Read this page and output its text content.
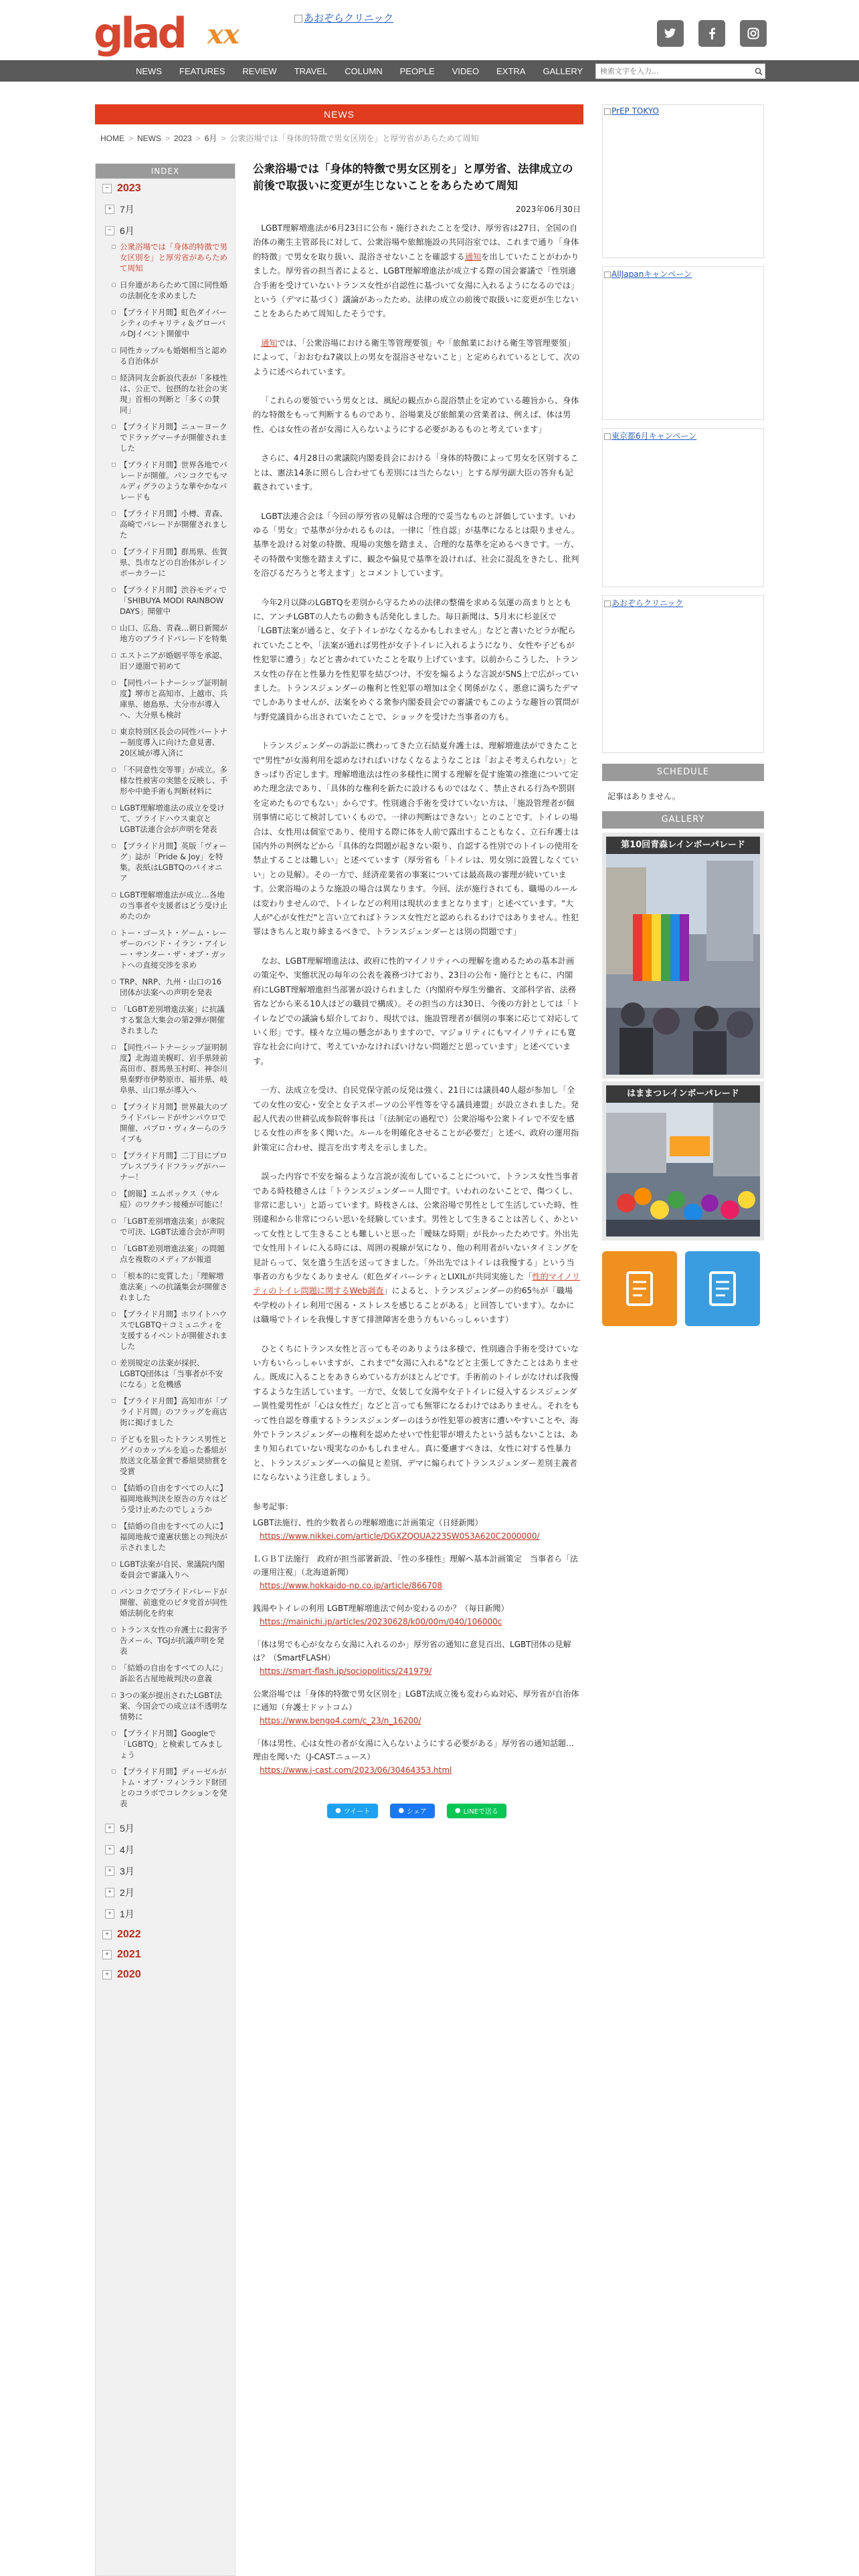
glad xx
あおぞらクリニック
NEWS	FEATURES	REVIEW	TRAVEL	COLUMN	PEOPLE	VIDEO	EXTRA	GALLERY
検索文字を入力...
NEWS
HOME > NEWS > 2023 > 6月 > 公衆浴場では「身体的特徴で男女区別を」と厚労省があらためて周知
INDEX
− 2023
+ 7月
− 6月
公衆浴場では「身体的特徴で男女区別を」と厚労省があらためて周知
日弁連があらためて国に同性婚の法制化を求めました
【プライド月間】虹色ダイバーシティのチャリティ＆グローバルDJイベント開催中
同性カップルも婚姻相当と認める自治体が
経済同友会新浪代表が「多様性は、公正で、包摂的な社会の実現」首相の判断と「多くの賛同」
【プライド月間】ニューヨークでドラァグマーチが開催されました
【プライド月間】世界各地でパレードが開催。パンコクでもマルディグラのような華やかなパレードも
【プライド月間】小樽、青森、高崎でパレードが開催されました
【プライド月間】群馬県、佐賀県、呉市などの自治体がレインボーカラーに
【プライド月間】渋谷モディで「SHIBUYA MODI RAINBOW DAYS」開催中
山口、広島、青森…朝日新聞が地方のプライドパレードを特集
エストニアが婚姻平等を承認、旧ソ連圏で初めて
【同性パートナーシップ証明制度】堺市と高知市、上越市、兵庫県、徳島県、大分市が導入へ、大分県も検討
東京特別区長会の同性パートナー制度導入に向けた意見書、20区域が導入済に
「不同意性交等罪」が成立。多様な性被害の実態を反映し、手形や中絶手術も判断材料に
LGBT理解増進法の成立を受けて、プライドハウス東京とLGBT法連合会が声明を発表
【プライド月間】英版「ヴォーグ」誌が「Pride & Joy」を特集。表紙はLGBTQのパイオニア
LGBT理解増進法が成立…各地の当事者や支援者はどう受け止めたのか
トー・ゴースト・ゲーム・レーザーのバンド・イラン・アイレー・サンター・ザ・オブ・ガットへの直接交渉を求め
TRP、NRP、九州・山口の16団体が法案への声明を発表
「LGBT差別増進法案」に抗議する緊急大集会の第2弾が開催されました
【同性パートナーシップ証明制度】北海道美幌町、岩手県陸前高田市、群馬県玉村町、神奈川県秦野市伊勢原市、福井県、岐阜県、山口県が導入へ
【プライド月間】世界最大のプライドパレードがサンパウロで開催、パブロ・ヴィターらのライブも
【プライド月間】二丁目にプロプレスプライドフラッグがハーナー！
【朗報】エムポックス（サル痘）のワクチン接種が可能に！
「LGBT差別増進法案」が衆院で可決、LGBT法連合会が声明
「LGBT差別増進法案」の問題点を複数のメディアが報道
「根本的に変質した」「理解増進法案」への抗議集会が開催されました
【プライド月間】ホワイトハウスでLGBTQ＋コミュニティを支援するイベントが開催されました
差別規定の法案が採択、LGBTQ団体は「当事者が不安になる」と危機感
【プライド月間】高知市が「プライド月間」のフラッグを商店街に掲げました
子どもを狙ったトランス男性とゲイのカップルを追った番組が放送文化基金賞で番組奨励賞を受賞
【結婚の自由をすべての人に】福岡地裁判決を原告の方々はどう受け止めたのでしょうか
【結婚の自由をすべての人に】福岡地裁で違憲状態との判決が示されました
LGBT法案が自民、衆議院内閣委員会で審議入りへ
バンコクでプライドパレードが開催、前進党のピタ党首が同性婚法制化を約束
トランス女性の弁護士に殺害予告メール、TGJが抗議声明を発表
「結婚の自由をすべての人に」訴訟名古屋地裁判決の意義
3つの案が提出されたLGBT法案、今国会での成立は不透明な情勢に
【プライド月間】Googleで「LGBTQ」と検索してみましょう
【プライド月間】ディーゼルがトム・オブ・フィンランド財団とのコラボでコレクションを発表
+ 5月
+ 4月
+ 3月
+ 2月
+ 1月
+ 2022
+ 2021
+ 2020
公衆浴場では「身体的特徴で男女区別を」と厚労省、法律成立の前後で取扱いに変更が生じないことをあらためて周知
2023年06月30日

LGBT理解増進法が6月23日に公布・施行されたことを受け、厚労省は27日、全国の自治体の衛生主管部長に対して、公衆浴場や旅館施設の共同浴室では、これまで通り「身体的特徴」で男女を取り扱い、混浴させないことを確認する通知を出していたことがわかりました。厚労省の担当者によると、LGBT理解増進法が成立する際の国会審議で「性別適合手術を受けていないトランス女性が自認性に基づいて女湯に入れるようになるのでは」という（デマに基づく）議論があったため、法律の成立の前後で取扱いに変更が生じないことをあらためて周知したそうです。

通知では、「公衆浴場における衛生等管理要領」や「旅館業における衛生等管理要領」によって、「おおむね7歳以上の男女を混浴させないこと」と定められているとして、次のように述べられています。

「これらの要領でいう男女とは、風紀の観点から混浴禁止を定めている趣旨から、身体的な特徴をもって判断するものであり、浴場業及び旅館業の営業者は、例えば、体は男性、心は女性の者が女湯に入らないようにする必要があるものと考えています」

さらに、4月28日の衆議院内閣委員会における「身体的特徴によって男女を区別することは、憲法14条に照らし合わせても差別には当たらない」とする厚労副大臣の答弁も記載されています。

LGBT法連合会は「今回の厚労省の見解は合理的で妥当なものと評価しています。いわゆる「男女」で基準が分かれるものは、一律に「性自認」が基準になるとは限りません。基準を設ける対象の特徴、現場の実態を踏まえ、合理的な基準を定めるべきです。一方、その特徴や実態を踏まえずに、観念や偏見で基準を設ければ、社会に混乱をきたし、批判を浴びるだろうと考えます」とコメントしています。

今年2月以降のLGBTQを差別から守るための法律の整備を求める気運の高まりとともに、アンチLGBTの人たちの動きも活発化しました。毎日新聞は、5月末に杉並区で「LGBT法案が通ると、女子トイレがなくなるかもしれません」などと書いたビラが配られていたことや、「法案が通れば男性が女子トイレに入れるようになり、女性や子どもが性犯罪に遭う」などと書かれていたことを取り上げています。以前からこうした、トランス女性の存在と性暴力を性犯罪を結びつけ、不安を煽るような言説がSNS上で広がっていました。トランスジェンダーの権利と性犯罪の増加は全く関係がなく、悪意に満ちたデマでしかありませんが、法案をめぐる衆参内閣委員会での審議でもこのような趣旨の質問が与野党議員から出されていたことで、ショックを受けた当事者の方も。

トランスジェンダーの訴訟に携わってきた立石結夏弁護士は、理解増進法ができたことで"男性"が女湯利用を認めなければいけなくなるようなことは「およそ考えられない」ときっぱり否定します。理解増進法は性の多様性に関する理解を促す施策の推進について定めた理念法であり、「具体的な権利を新たに設けるものではなく、禁止される行為や罰則を定めたものでもない」からです。性別適合手術を受けていない方は、「施設管理者が個別事情に応じて検討していくもので、一律の判断はできない」とのことです。トイレの場合は、女性用は個室であり、使用する際に体を人前で露出することもなく、立石弁護士は国内外の判例などから「具体的な問題が起きない限り、自認する性別でのトイレの使用を禁止することは難しい」と述べています（厚労省も「トイレは、男女別に設置しなくていい」との見解）。その一方で、経済産業省の事案については最高裁の審理が続いています。公衆浴場のような施設の場合は異なります。今回、法が施行されても、職場のルールは変わりませんので、トイレなどの利用は現状のままとなります」と述べています。"大人が"心が女性だ"と言い立てればトランス女性だと認められるわけではありません。性犯罪はきちんと取り締まるべきで、トランスジェンダーとは別の問題です」

なお、LGBT理解増進法は、政府に性的マイノリティへの理解を進めるための基本計画の策定や、実態状況の毎年の公表を義務づけており、23日の公布・施行とともに、内閣府にLGBT理解増進担当部署が設けられました（内閣府や厚生労働省、文部科学省、法務省などから来る10人ほどの職員で構成）。その担当の方は30日、今後の方針としては「トイレなどでの議論も紹介しており、現状では、施設管理者が個別の事案に応じて対応していく形」です。様々な立場の懸念がありますので、マジョリティにもマイノリティにも寛容な社会に向けて、考えていかなければいけない問題だと思っています」と述べています。

一方、法成立を受け、自民党保守派の反発は強く、21日には議員40人超が参加し「全ての女性の安心・安全と女子スポーツの公平性等を守る議員連盟」が設立されました。発起人代表の世耕弘成参院幹事長は「（法制定の過程で）公衆浴場や公衆トイレで不安を感じる女性の声を多く聞いた。ルールを明確化させることが必要だ」と述べ、政府の運用指針策定に合わせ、提言を出す考えを示しました。

誤った内容で不安を煽るような言説が流布していることについて、トランス女性当事者である時枝穂さんは「トランスジェンダー＝人間です。いわれのないことで、傷つくし、非常に悲しい」と語っています。時枝さんは、公衆浴場で男性として生活していた時、性別違和から非常につらい思いを経験しています。男性として生きることは苦しく、かといって女性として生きることも難しいと思った「曖昧な時期」が長かったためです。外出先で女性用トイレに入る時には、周囲の視線が気になり、他の利用者がいないタイミングを見計らって、気を遣う生活を送ってきました。「外出先ではトイレは我慢する」という当事者の方も少なくありません（虹色ダイバーシティとLIXILが共同実施した「性的マイノリティのトイレ問題に関するWeb調査」によると、トランスジェンダーの約65％が「職場や学校のトイレ利用で困る・ストレスを感じることがある」と回答しています）。なかには職場でトイレを我慢しすぎて排泄障害を患う方もいらっしゃいます）

ひとくちにトランス女性と言ってもそのありようは多様で、性別適合手術を受けていない方もいらっしゃいますが、これまで"女湯に入れる"などと主張してきたことはありません。既成に入ることをあきらめている方がほとんどです。手術前のトイレがなければ我慢するような生活しています。一方で、女装して女湯や女子トイレに侵入するシスジェンダー異性愛男性が「心は女性だ」などと言っても無罪になるわけではありません。それをもって性自認を尊重するトランスジェンダーのほうが性犯罪の被害に遭いやすいことや、海外でトランスジェンダーの権利を認めたせいで性犯罪が増えたという話もないことは、あまり知られていない現実なのかもしれません。真に憂慮すべきは、女性に対する性暴力と、トランスジェンダーへの偏見と差別、デマに煽られてトランスジェンダー差別主義者にならないよう注意しましょう。

参考記事：
LGBT法施行、性的少数者らの理解増進に計画策定（日経新聞）
https://www.nikkei.com/article/DGXZQOUA223SW0S3A620C2000000/
ＬＧＢＴ法施行　政府が担当部署新設、「性の多様性」理解へ基本計画策定　当事者ら「法の運用注視」（北海道新聞）
https://www.hokkaido-np.co.jp/article/866708
銭湯やトイレの利用 LGBT理解増進法で何か変わるのか？（毎日新聞）
https://mainichi.jp/articles/20230628/k00/00m/040/106000c
「体は男でも心が女なら女湯に入れるのか」厚労省の通知に意見百出、LGBT団体の見解は？（SmartFLASH）
https://smart-flash.jp/sociopolitics/241979/
公衆浴場では「身体的特徴で男女区別を」LGBT法成立後も変わらぬ対応、厚労省が自治体に通知（弁護士ドットコム）
https://www.bengo4.com/c_23/n_16200/
「体は男性、心は女性の者が女湯に入らないようにする必要がある」厚労省の通知話題…理由を聞いた（J-CASTニュース）
https://www.j-cast.com/2023/06/30464353.html
● ツイート	● シェア	● LINEで送る
PrEP TOKYO
AllJapanキャンペーン
東京都6月キャンペーン
あおぞらクリニック
SCHEDULE
記事はありません。
GALLERY
第10回青森レインボーパレード
はままつレインボーパレード
